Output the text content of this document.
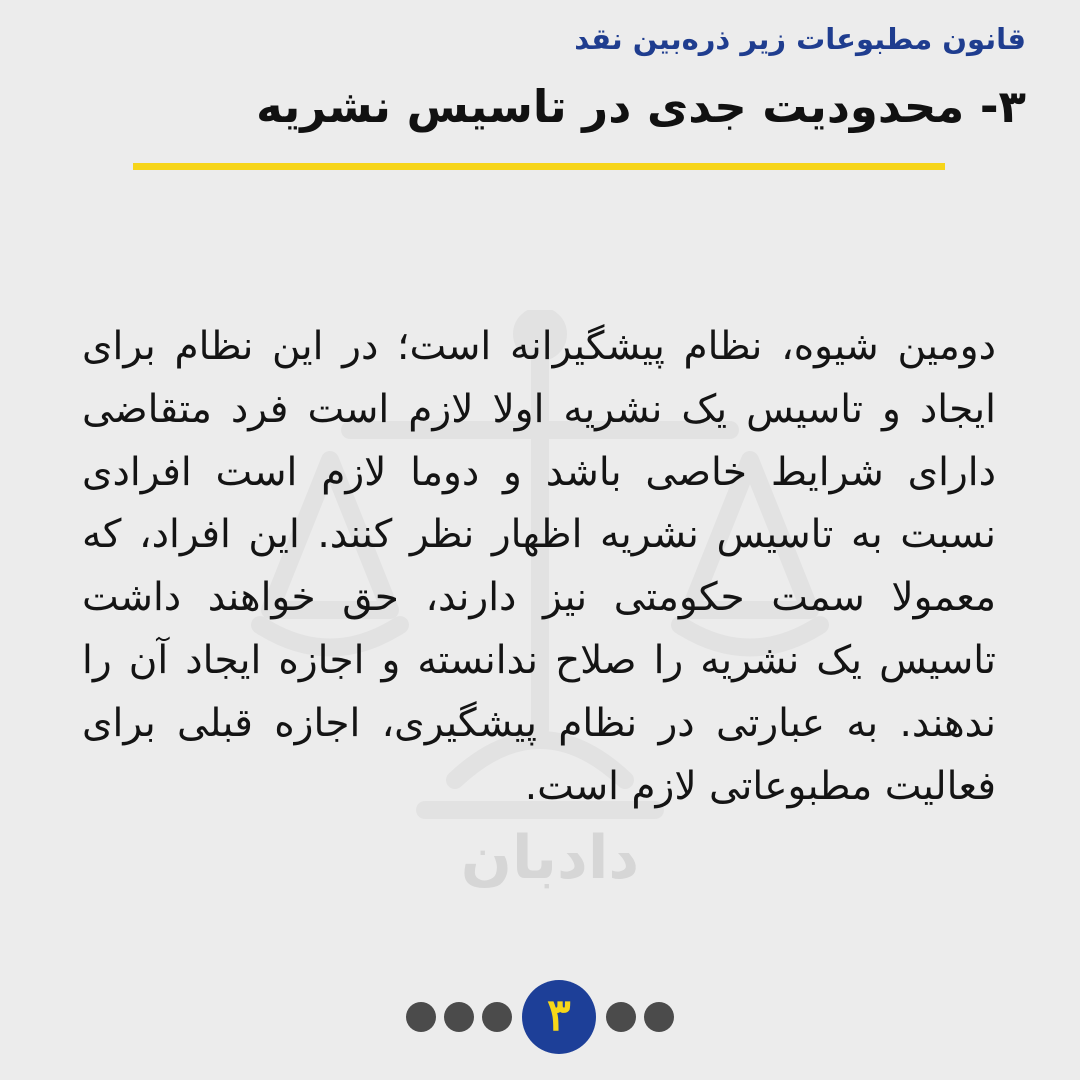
دادبان
قانون مطبوعات زیر ذره‌بین نقد
۳- محدودیت جدی در تاسیس نشریه

دومین شیوه، نظام پیشگیرانه است؛ در این نظام برای ایجاد و تاسیس یک نشریه اولا لازم است فرد متقاضی دارای شرایط خاصی باشد و دوما لازم است افرادی نسبت به تاسیس نشریه اظهار نظر کنند. این افراد، که معمولا سمت حکومتی نیز دارند، حق خواهند داشت تاسیس یک نشریه را صلاح ندانسته و اجازه ایجاد آن را ندهند. به عبارتی در نظام پیشگیری، اجازه قبلی برای فعالیت مطبوعاتی لازم است.

۳
